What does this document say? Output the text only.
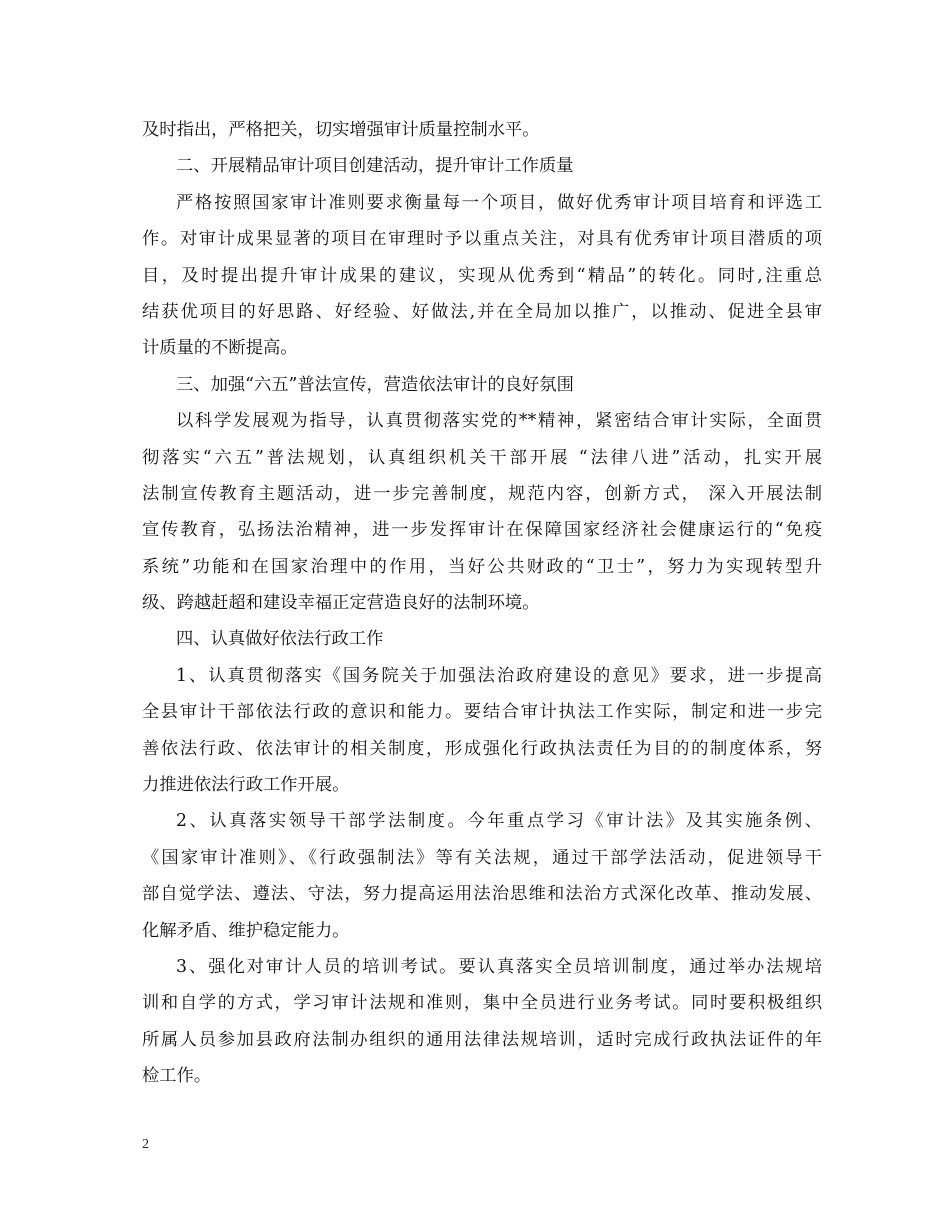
及时指出，严格把关，切实增强审计质量控制水平。
二、开展精品审计项目创建活动，提升审计工作质量
严格按照国家审计准则要求衡量每一个项目，做好优秀审计项目培育和评选工
作。对审计成果显著的项目在审理时予以重点关注，对具有优秀审计项目潜质的项
目，及时提出提升审计成果的建议，实现从优秀到“精品”的转化。同时,注重总
结获优项目的好思路、好经验、好做法,并在全局加以推广，以推动、促进全县审
计质量的不断提高。
三、加强“六五”普法宣传，营造依法审计的良好氛围
以科学发展观为指导，认真贯彻落实党的**精神，紧密结合审计实际，全面贯
彻落实“六五”普法规划，认真组织机关干部开展 “法律八进”活动，扎实开展
法制宣传教育主题活动，进一步完善制度，规范内容，创新方式， 深入开展法制
宣传教育，弘扬法治精神，进一步发挥审计在保障国家经济社会健康运行的“免疫
系统”功能和在国家治理中的作用，当好公共财政的“卫士”，努力为实现转型升
级、跨越赶超和建设幸福正定营造良好的法制环境。
四、认真做好依法行政工作
1、认真贯彻落实《国务院关于加强法治政府建设的意见》要求，进一步提高
全县审计干部依法行政的意识和能力。要结合审计执法工作实际，制定和进一步完
善依法行政、依法审计的相关制度，形成强化行政执法责任为目的的制度体系，努
力推进依法行政工作开展。
2、认真落实领导干部学法制度。今年重点学习《审计法》及其实施条例、
《国家审计准则》、《行政强制法》等有关法规，通过干部学法活动，促进领导干
部自觉学法、遵法、守法，努力提高运用法治思维和法治方式深化改革、推动发展、
化解矛盾、维护稳定能力。
3、强化对审计人员的培训考试。要认真落实全员培训制度，通过举办法规培
训和自学的方式，学习审计法规和准则，集中全员进行业务考试。同时要积极组织
所属人员参加县政府法制办组织的通用法律法规培训，适时完成行政执法证件的年
检工作。
2
